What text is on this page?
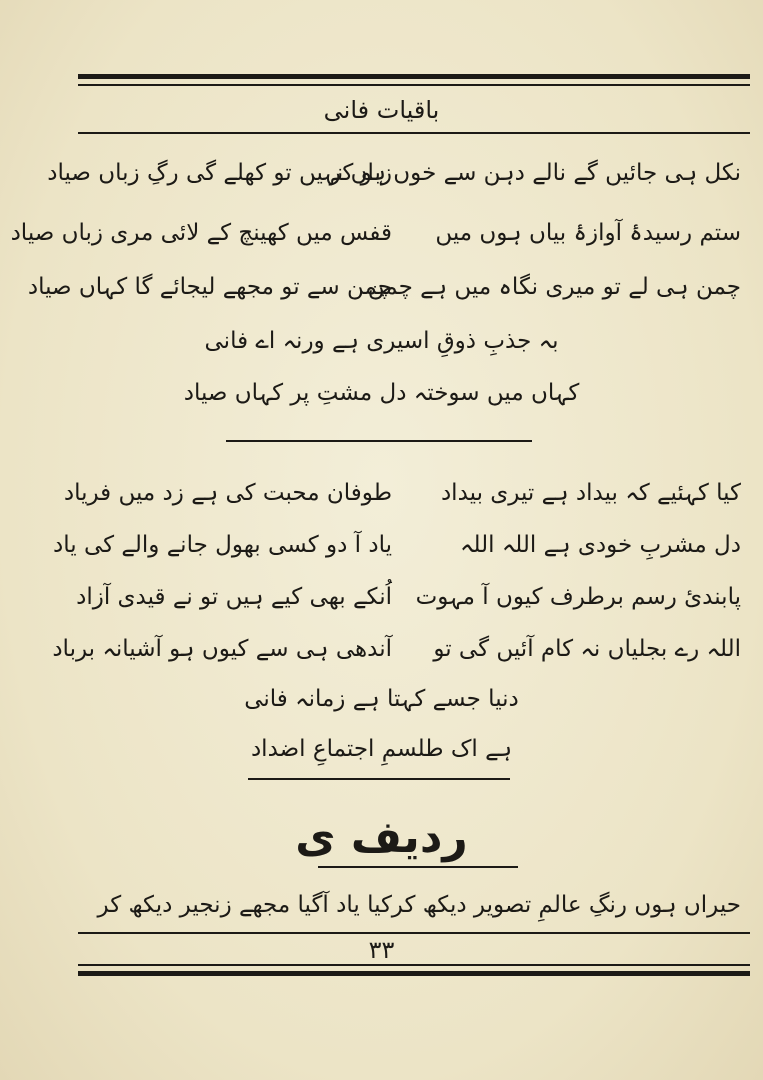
باقیات فانی
نکل ہی جائیں گے نالے دہن سے خوں ہو کر
زباں نہیں تو کھلے گی رگِ زباں صیاد
ستم رسیدۂ آوازۂ بیاں ہوں میں
قفس میں کھینچ کے لائی مری زباں صیاد
چمن ہی لے تو میری نگاہ میں ہے چمن
چمن سے تو مجھے لیجائے گا کہاں صیاد
بہ جذبِ ذوقِ اسیری ہے ورنہ اے فانی
کہاں میں سوختہ دل مشتِ پر کہاں صیاد
کیا کہئیے کہ بیداد ہے تیری بیداد
طوفان محبت کی ہے زد میں فریاد
دل مشربِ خودی ہے اللہ اللہ
یاد آ دو کسی بھول جانے والے کی یاد
پابندیٔ رسم برطرف کیوں آ مہوت
اُنکے بھی کیے ہیں تو نے قیدی آزاد
اللہ رے بجلیاں نہ کام آئیں گی تو
آندھی ہی سے کیوں ہو آشیانہ برباد
دنیا جسے کہتا ہے زمانہ فانی
ہے اک طلسمِ اجتماعِ اضداد
ردیف ی
حیراں ہوں رنگِ عالمِ تصویر دیکھ کر
کیا یاد آگیا مجھے زنجیر دیکھ کر
۳۳
